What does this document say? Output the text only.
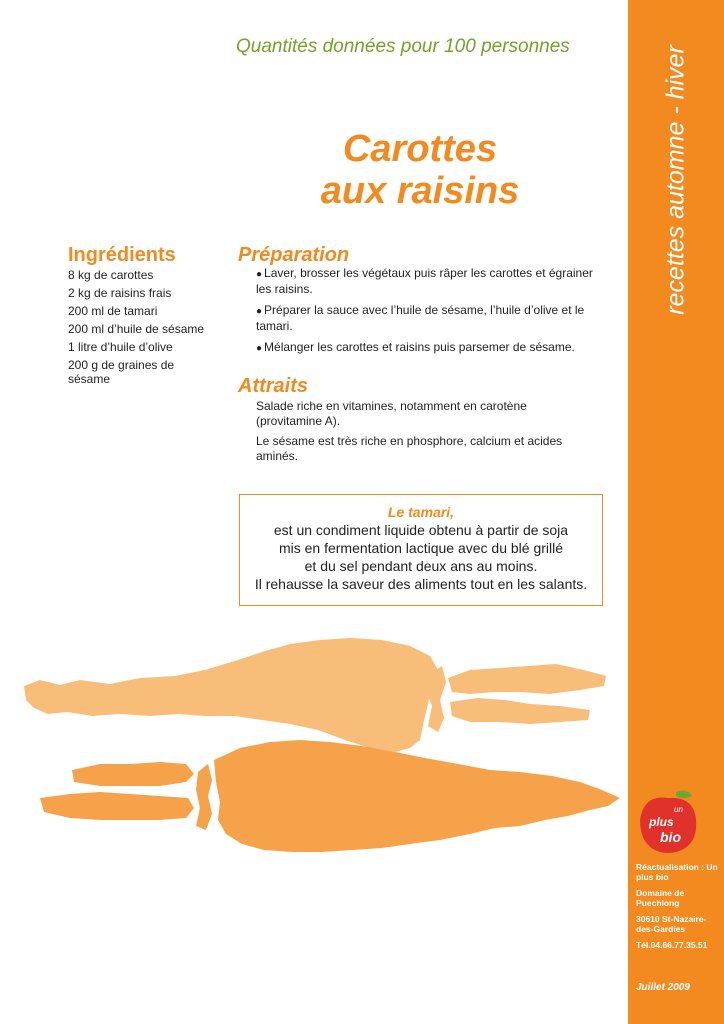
Quantités données pour 100 personnes
Carottes
aux raisins
Ingrédients
8 kg de carottes
2 kg de raisins frais
200 ml de tamari
200 ml d’huile de sésame
1 litre d’huile d’olive
200 g de graines de sésame
Préparation
● Laver, brosser les végétaux puis râper les carottes et égrainer les raisins.
● Préparer la sauce avec l’huile de sésame, l’huile d’olive et le tamari.
● Mélanger les carottes et raisins puis parsemer de sésame.
Attraits

Salade riche en vitamines, notamment en carotène (provitamine A).

Le sésame est très riche en phosphore, calcium et acides aminés.

Le tamari,
est un condiment liquide obtenu à partir de soja
mis en fermentation lactique avec du blé grillé
et du sel pendant deux ans au moins.
Il rehausse la saveur des aliments tout en les salants.
recettes automne - hiver
un
plus
bio

Réactualisation : Un plus bio

Domaine de Puechlong

30610 St-Nazaire-des-Gardies

Tél.04.66.77.35.51

Juillet 2009
